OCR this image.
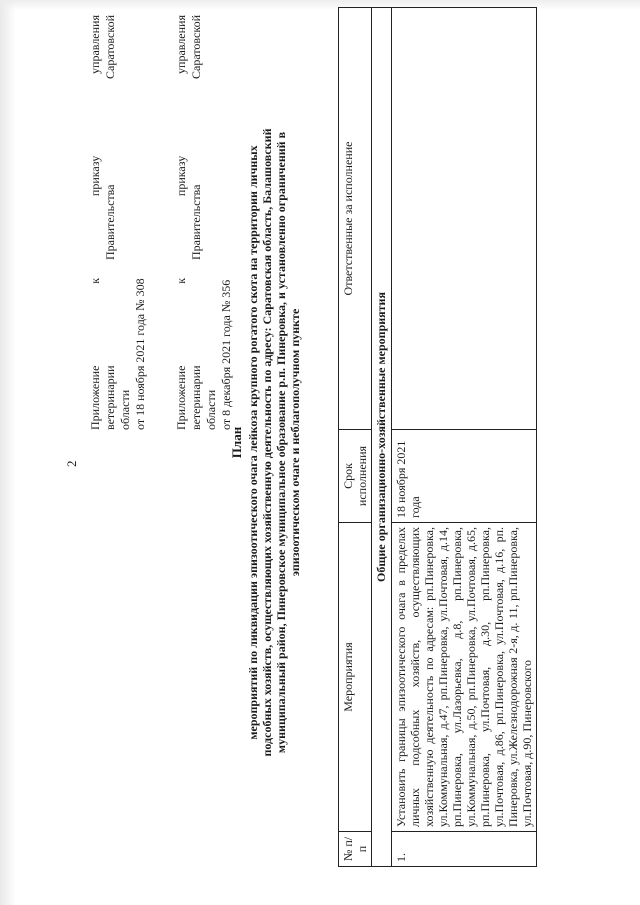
2

Приложение к приказу управления ветеринарии Правительства Саратовской области от 18 ноября 2021 года № 308 Приложение к приказу управления ветеринарии Правительства Саратовской области от 8 декабря 2021 года № 356

План мероприятий по ликвидации эпизоотического очага лейкоза крупного рогатого скота на территории личных подсобных хозяйств, осуществляющих хозяйственную деятельность по адресу: Саратовская область, Балашовский муниципальный район, Пинеровское муниципальное образование р.п. Пинеровка, и установленно ограничений в эпизоотическом очаге и неблагополучном пункте
№ п/п	Мероприятия	Срок исполнения	Ответственные за исполнение
Общие организационно-хозяйственные мероприятия			
1.	Установить границы эпизоотического очага в пределах личных подсобных хозяйств, осуществляющих хозяйственную деятельность по адресам: рп.Пинеровка, ул.Коммунальная, д.47, рп.Пинеровка, ул.Почтовая, д.14, рп.Пинеровка, ул.Лазорьевка, д.8, рп.Пинеровка, ул.Коммунальная, д.50, рп.Пинеровка, ул.Почтовая, д.65, рп.Пинеровка, ул.Почтовая, д.30, рп.Пинеровка, ул.Почтовая, д.86, рп.Пинеровка, ул.Почтовая, д.16, рп. Пинеровка, ул.Железнодорожная 2-я, д. 11, рп.Пинеровка, ул.Почтовая, д.90, Пинеровского	18 ноября 2021 года	
